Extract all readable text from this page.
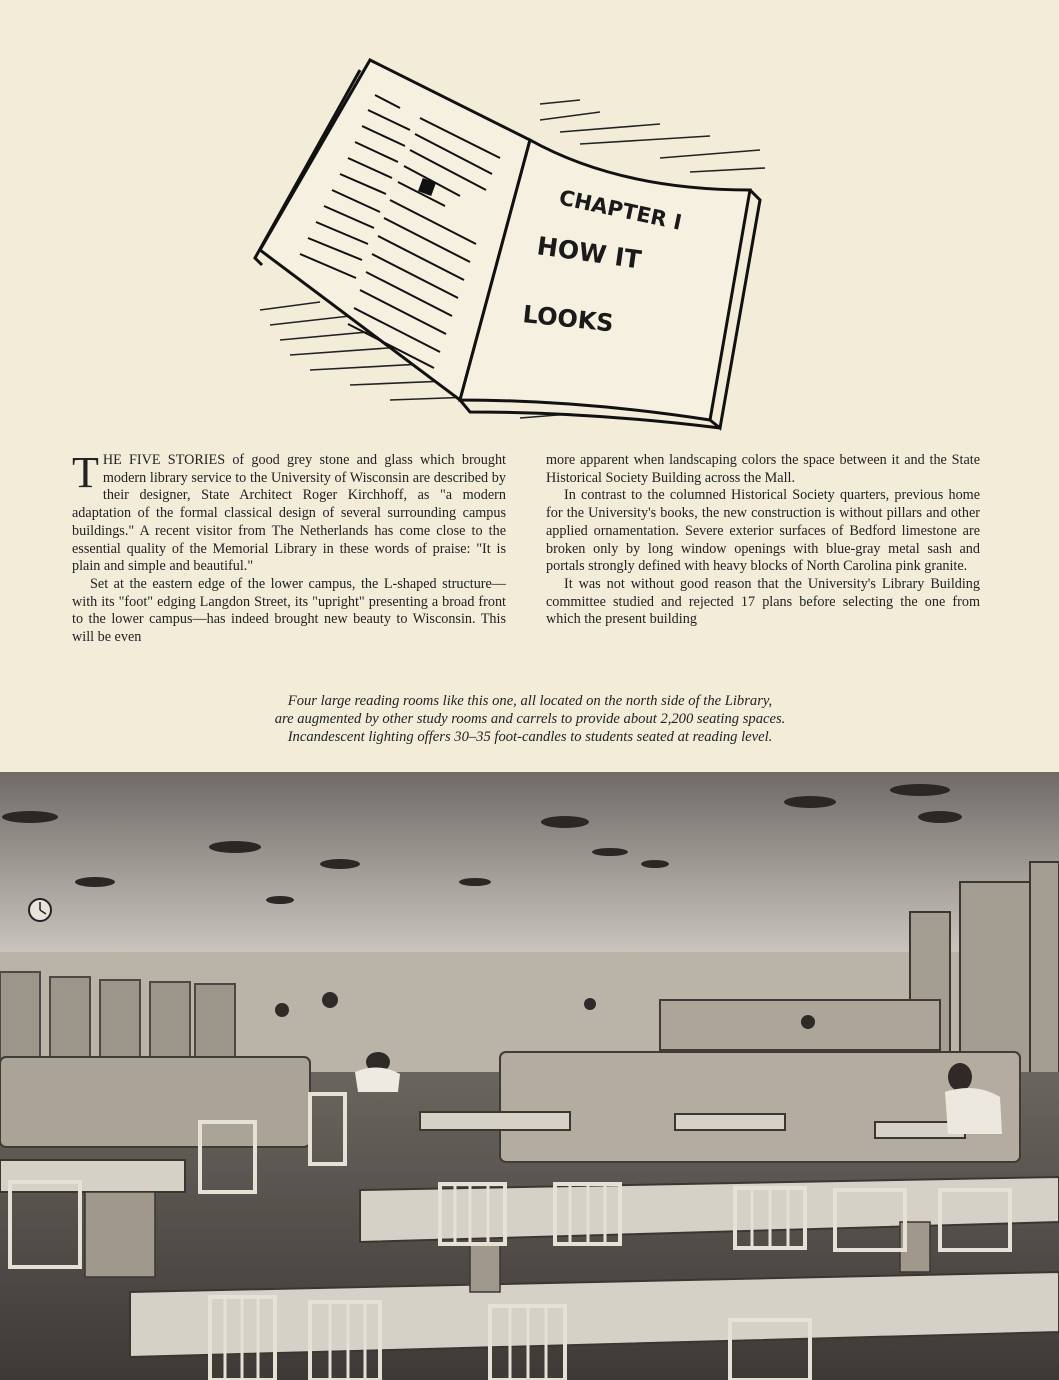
CHAPTER I
HOW IT
LOOKS

THE FIVE STORIES of good grey stone and glass which brought modern library service to the University of Wisconsin are described by their designer, State Architect Roger Kirchhoff, as "a modern adaptation of the formal classical design of several surrounding campus buildings." A recent visitor from The Netherlands has come close to the essential quality of the Memorial Library in these words of praise: "It is plain and simple and beautiful."

Set at the eastern edge of the lower campus, the L-shaped structure—with its "foot" edging Langdon Street, its "upright" presenting a broad front to the lower campus—has indeed brought new beauty to Wisconsin. This will be even

more apparent when landscaping colors the space between it and the State Historical Society Building across the Mall.

In contrast to the columned Historical Society quarters, previous home for the University's books, the new construction is without pillars and other applied ornamentation. Severe exterior surfaces of Bedford limestone are broken only by long window openings with blue-gray metal sash and portals strongly defined with heavy blocks of North Carolina pink granite.

It was not without good reason that the University's Library Building committee studied and rejected 17 plans before selecting the one from which the present building

Four large reading rooms like this one, all located on the north side of the Library,
are augmented by other study rooms and carrels to provide about 2,200 seating spaces.
Incandescent lighting offers 30–35 foot-candles to students seated at reading level.
